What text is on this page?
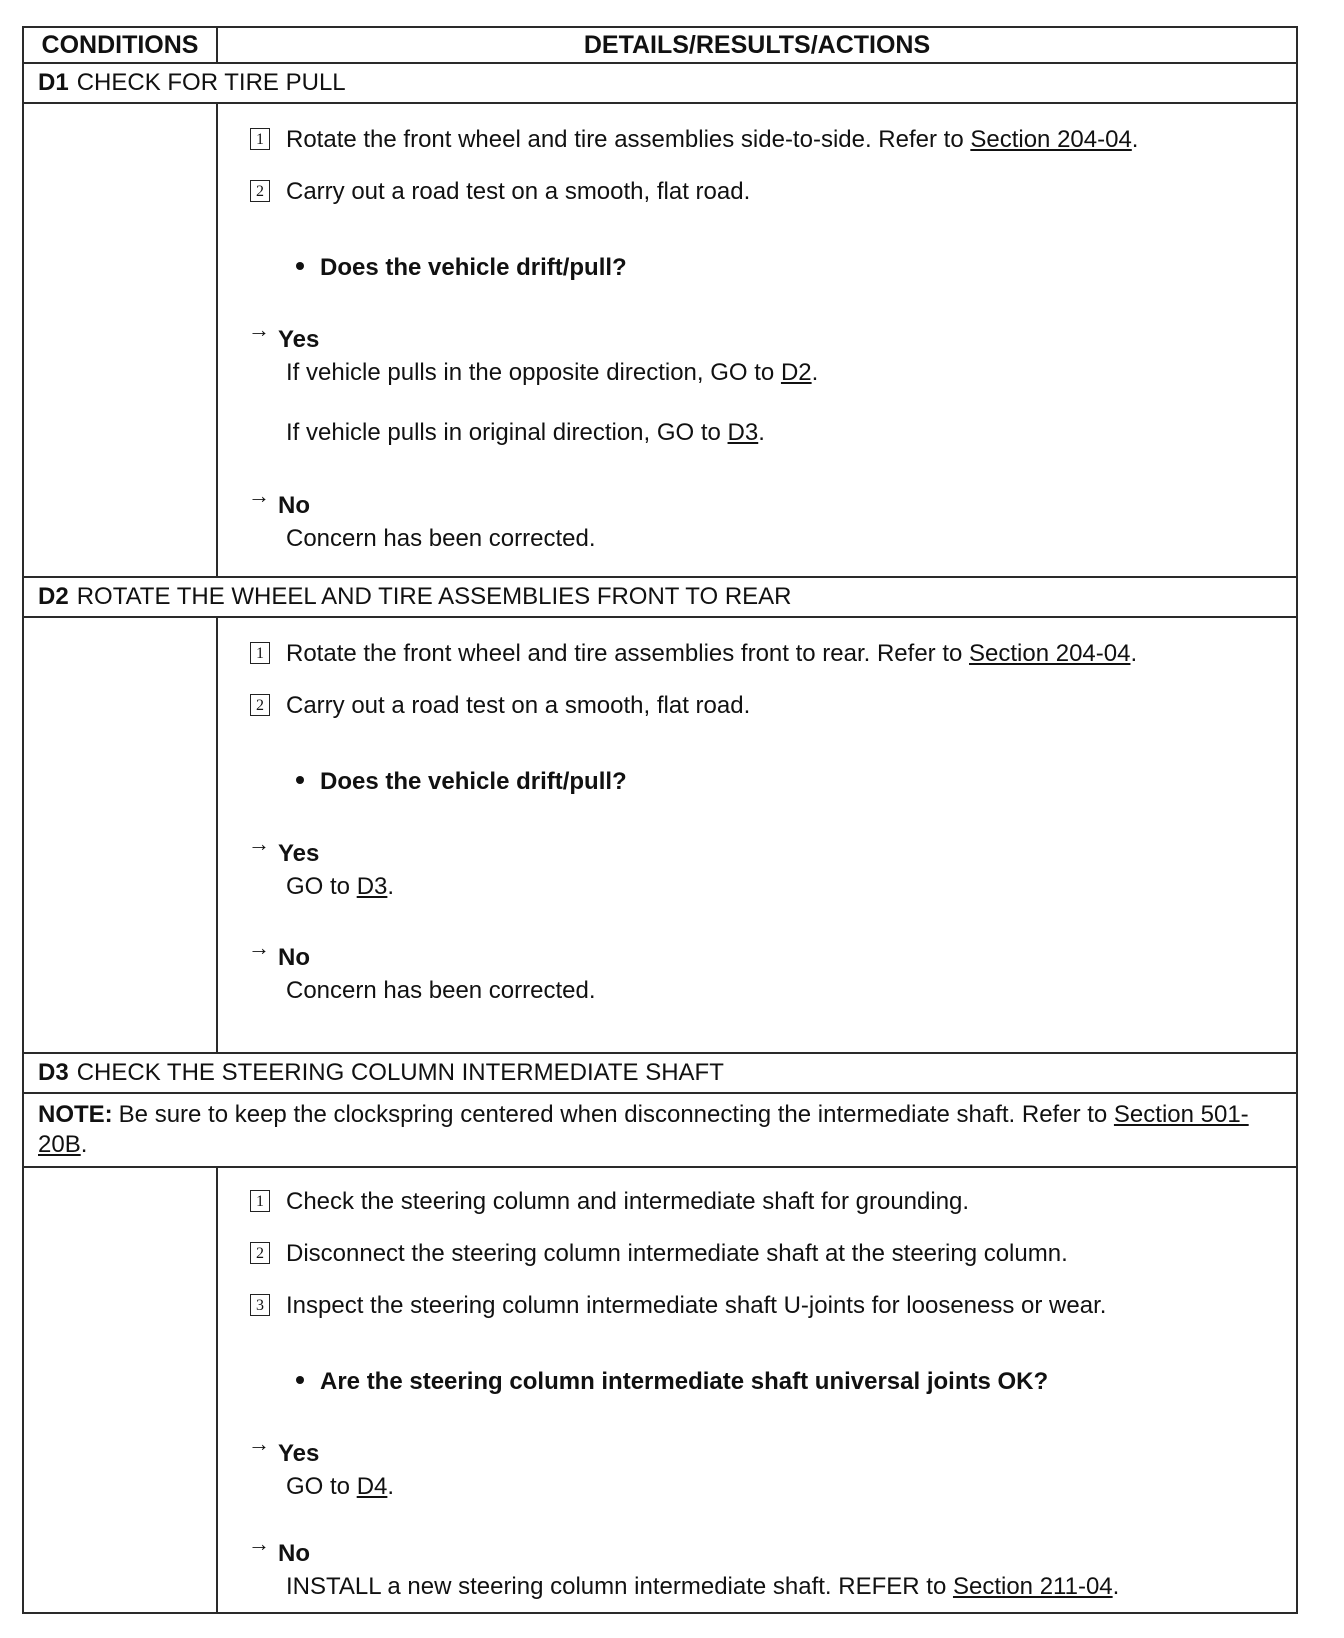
CONDITIONS	DETAILS/RESULTS/ACTIONS
D1 CHECK FOR TIRE PULL
1 Rotate the front wheel and tire assemblies side-to-side. Refer to Section 204-04.
2 Carry out a road test on a smooth, flat road.
Does the vehicle drift/pull?
→ Yes
If vehicle pulls in the opposite direction, GO to D2.
If vehicle pulls in original direction, GO to D3.
→ No
Concern has been corrected.
D2 ROTATE THE WHEEL AND TIRE ASSEMBLIES FRONT TO REAR
1 Rotate the front wheel and tire assemblies front to rear. Refer to Section 204-04.
2 Carry out a road test on a smooth, flat road.
Does the vehicle drift/pull?
→ Yes
GO to D3.
→ No
Concern has been corrected.
D3 CHECK THE STEERING COLUMN INTERMEDIATE SHAFT
NOTE: Be sure to keep the clockspring centered when disconnecting the intermediate shaft. Refer to Section 501-20B.
1 Check the steering column and intermediate shaft for grounding.
2 Disconnect the steering column intermediate shaft at the steering column.
3 Inspect the steering column intermediate shaft U-joints for looseness or wear.
Are the steering column intermediate shaft universal joints OK?
→ Yes
GO to D4.
→ No
INSTALL a new steering column intermediate shaft. REFER to Section 211-04.
